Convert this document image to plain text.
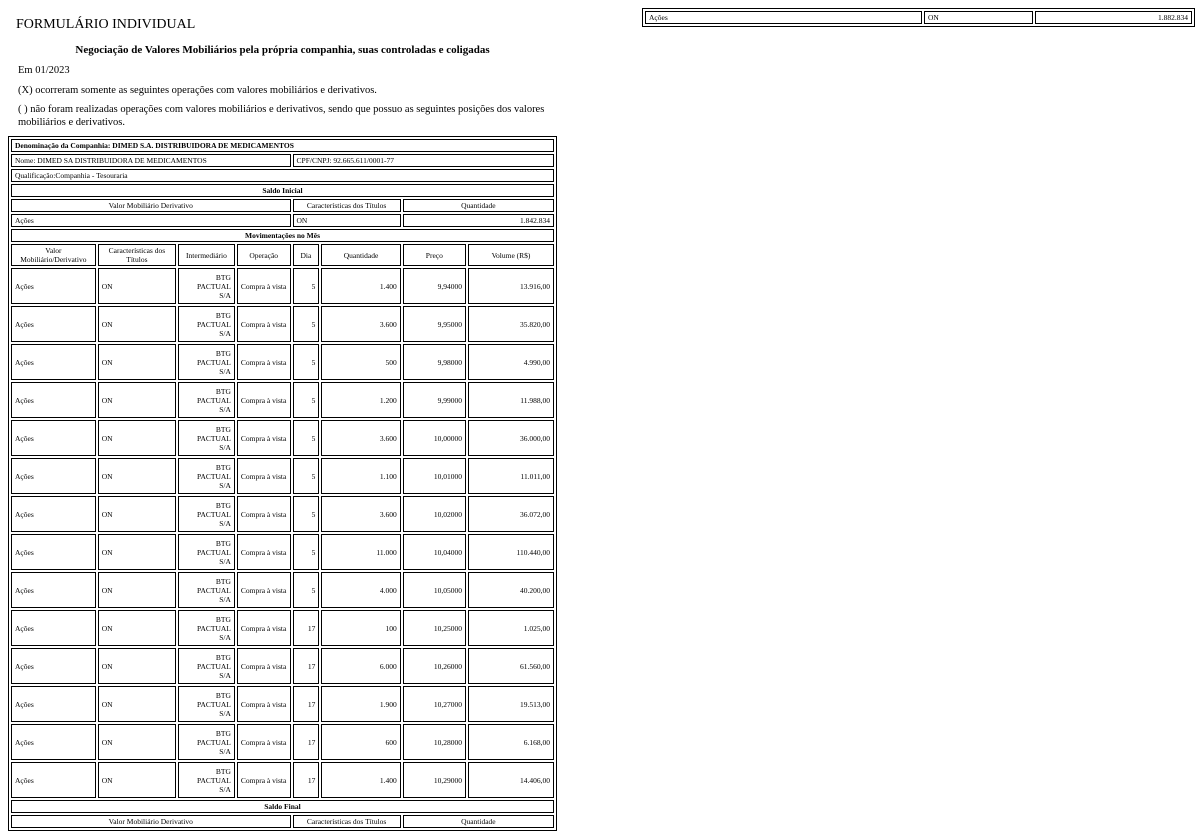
FORMULÁRIO INDIVIDUAL
Negociação de Valores Mobiliários pela própria companhia, suas controladas e coligadas
Em 01/2023
(X) ocorreram somente as seguintes operações com valores mobiliários e derivativos.
( ) não foram realizadas operações com valores mobiliários e derivativos, sendo que possuo as seguintes posições dos valores mobiliários e derivativos.
Denominação da Companhia: DIMED S.A. DISTRIBUIDORA DE MEDICAMENTOS							
Nome: DIMED SA DISTRIBUIDORA DE MEDICAMENTOS				CPF/CNPJ: 92.665.611/0001-77			
Qualificação:Companhia - Tesouraria							
Saldo Inicial							
Valor Mobiliário Derivativo				Características dos Títulos		Quantidade	
Ações				ON		1.842.834	
Movimentações no Mês							
Valor Mobiliário/Derivativo	Características dos Títulos	Intermediário	Operação	Dia	Quantidade	Preço	Volume (R$)
Ações	ON	BTG
PACTUAL
S/A	Compra à vista	5	1.400	9,94000	13.916,00
Ações	ON	BTG
PACTUAL
S/A	Compra à vista	5	3.600	9,95000	35.820,00
Ações	ON	BTG
PACTUAL
S/A	Compra à vista	5	500	9,98000	4.990,00
Ações	ON	BTG
PACTUAL
S/A	Compra à vista	5	1.200	9,99000	11.988,00
Ações	ON	BTG
PACTUAL
S/A	Compra à vista	5	3.600	10,00000	36.000,00
Ações	ON	BTG
PACTUAL
S/A	Compra à vista	5	1.100	10,01000	11.011,00
Ações	ON	BTG
PACTUAL
S/A	Compra à vista	5	3.600	10,02000	36.072,00
Ações	ON	BTG
PACTUAL
S/A	Compra à vista	5	11.000	10,04000	110.440,00
Ações	ON	BTG
PACTUAL
S/A	Compra à vista	5	4.000	10,05000	40.200,00
Ações	ON	BTG
PACTUAL
S/A	Compra à vista	17	100	10,25000	1.025,00
Ações	ON	BTG
PACTUAL
S/A	Compra à vista	17	6.000	10,26000	61.560,00
Ações	ON	BTG
PACTUAL
S/A	Compra à vista	17	1.900	10,27000	19.513,00
Ações	ON	BTG
PACTUAL
S/A	Compra à vista	17	600	10,28000	6.168,00
Ações	ON	BTG
PACTUAL
S/A	Compra à vista	17	1.400	10,29000	14.406,00
Saldo Final							
Valor Mobiliário Derivativo				Características dos Títulos		Quantidade	
Ações	ON	1.882.834
